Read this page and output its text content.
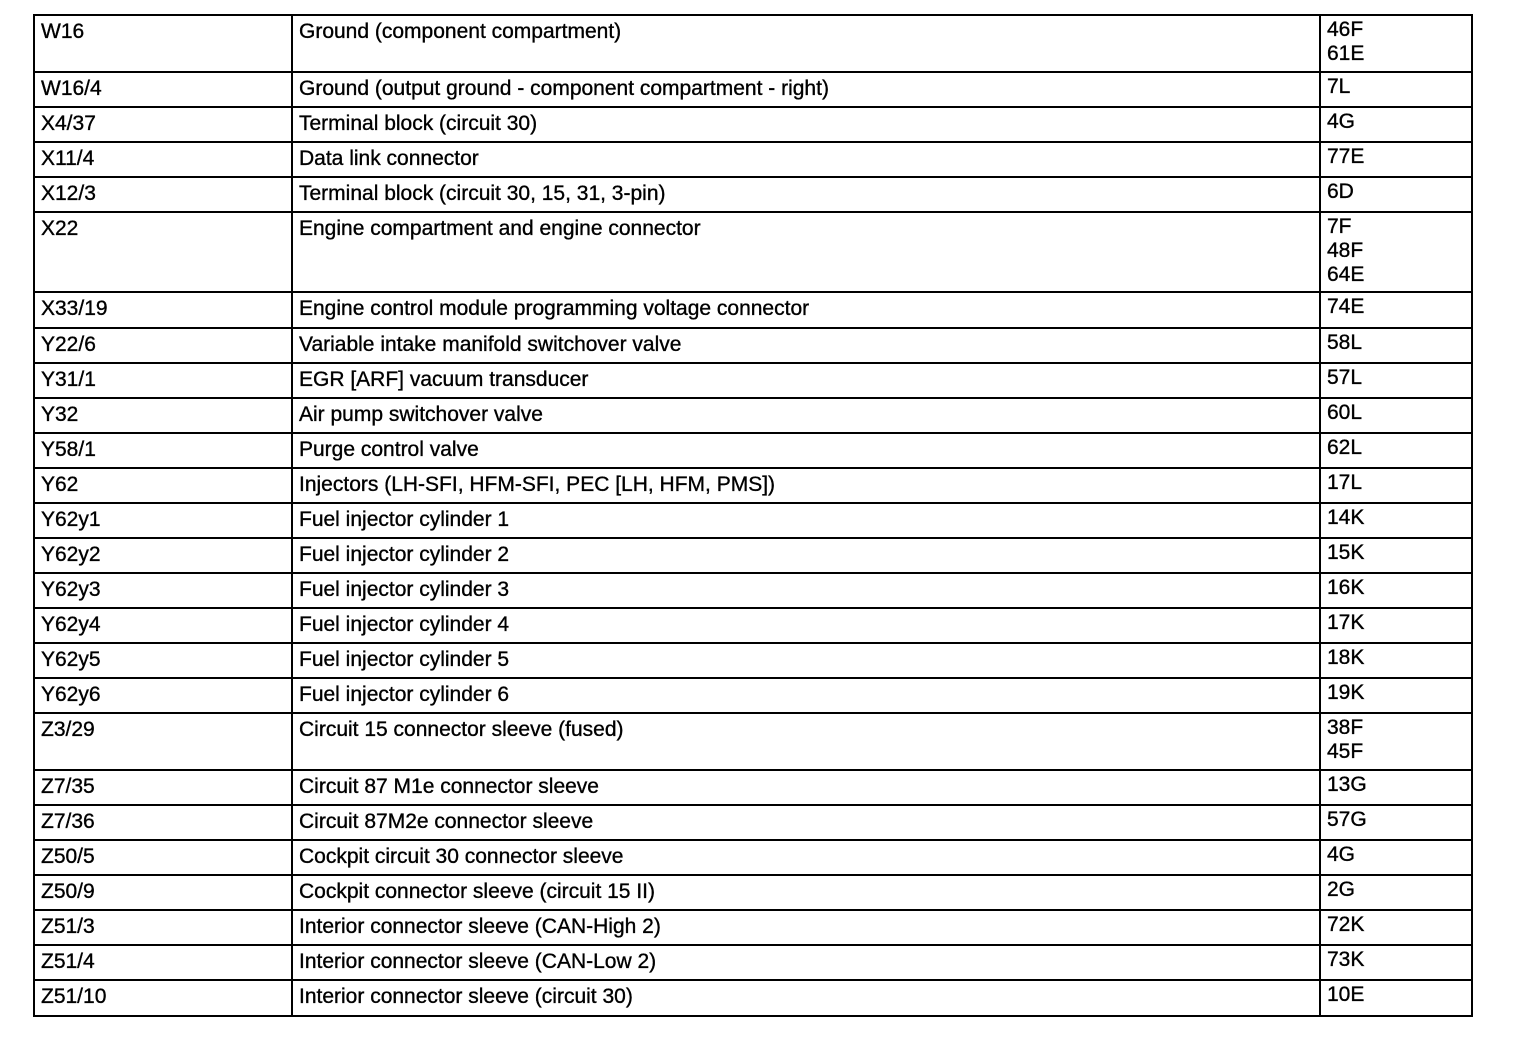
W16	Ground (component compartment)	46F
61E

W16/4	Ground (output ground - component compartment - right)	7L

X4/37	Terminal block (circuit 30)	4G

X11/4	Data link connector	77E

X12/3	Terminal block (circuit 30, 15, 31, 3-pin)	6D

X22	Engine compartment and engine connector	7F
48F
64E

X33/19	Engine control module programming voltage connector	74E

Y22/6	Variable intake manifold switchover valve	58L

Y31/1	EGR [ARF] vacuum transducer	57L

Y32	Air pump switchover valve	60L

Y58/1	Purge control valve	62L

Y62	Injectors (LH-SFI, HFM-SFI, PEC [LH, HFM, PMS])	17L

Y62y1	Fuel injector cylinder 1	14K

Y62y2	Fuel injector cylinder 2	15K

Y62y3	Fuel injector cylinder 3	16K

Y62y4	Fuel injector cylinder 4	17K

Y62y5	Fuel injector cylinder 5	18K

Y62y6	Fuel injector cylinder 6	19K

Z3/29	Circuit 15 connector sleeve (fused)	38F
45F

Z7/35	Circuit 87 M1e connector sleeve	13G

Z7/36	Circuit 87M2e connector sleeve	57G

Z50/5	Cockpit circuit 30 connector sleeve	4G

Z50/9	Cockpit connector sleeve (circuit 15 II)	2G

Z51/3	Interior connector sleeve (CAN-High 2)	72K

Z51/4	Interior connector sleeve (CAN-Low 2)	73K

Z51/10	Interior connector sleeve (circuit 30)	10E
